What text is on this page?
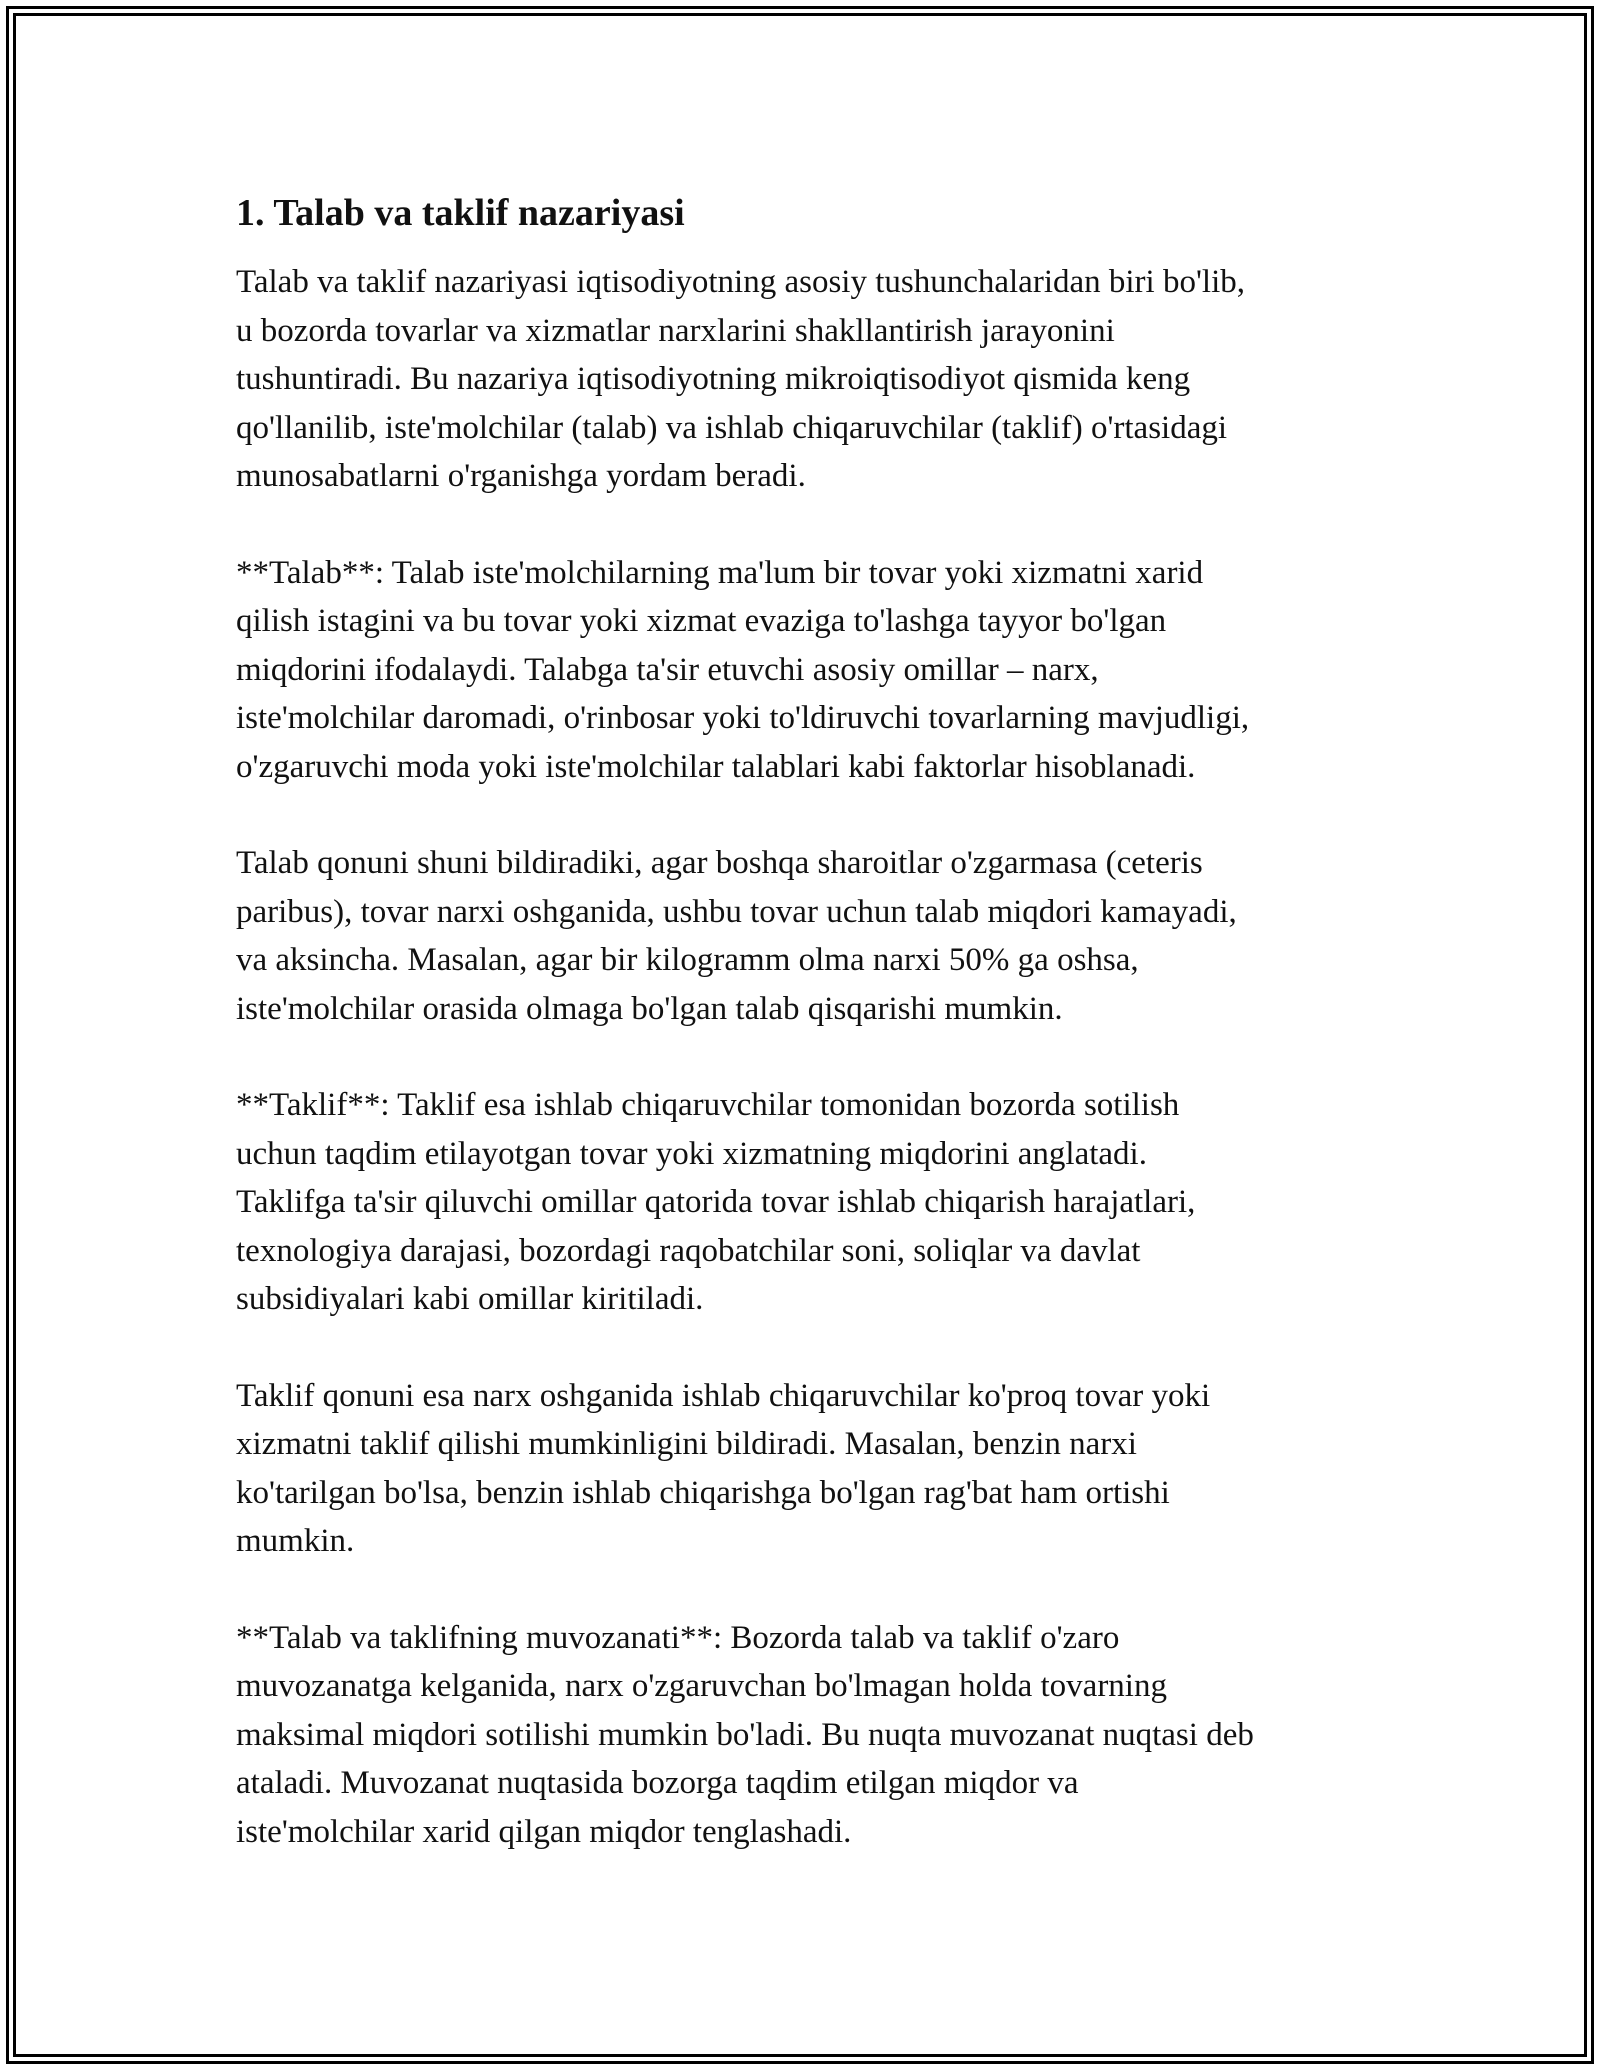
1. Talab va taklif nazariyasi

Talab va taklif nazariyasi iqtisodiyotning asosiy tushunchalaridan biri bo'lib,
u bozorda tovarlar va xizmatlar narxlarini shakllantirish jarayonini
tushuntiradi. Bu nazariya iqtisodiyotning mikroiqtisodiyot qismida keng
qo'llanilib, iste'molchilar (talab) va ishlab chiqaruvchilar (taklif) o'rtasidagi
munosabatlarni o'rganishga yordam beradi.

**Talab**: Talab iste'molchilarning ma'lum bir tovar yoki xizmatni xarid
qilish istagini va bu tovar yoki xizmat evaziga to'lashga tayyor bo'lgan
miqdorini ifodalaydi. Talabga ta'sir etuvchi asosiy omillar – narx,
iste'molchilar daromadi, o'rinbosar yoki to'ldiruvchi tovarlarning mavjudligi,
o'zgaruvchi moda yoki iste'molchilar talablari kabi faktorlar hisoblanadi.

Talab qonuni shuni bildiradiki, agar boshqa sharoitlar o'zgarmasa (ceteris
paribus), tovar narxi oshganida, ushbu tovar uchun talab miqdori kamayadi,
va aksincha. Masalan, agar bir kilogramm olma narxi 50% ga oshsa,
iste'molchilar orasida olmaga bo'lgan talab qisqarishi mumkin.

**Taklif**: Taklif esa ishlab chiqaruvchilar tomonidan bozorda sotilish
uchun taqdim etilayotgan tovar yoki xizmatning miqdorini anglatadi.
Taklifga ta'sir qiluvchi omillar qatorida tovar ishlab chiqarish harajatlari,
texnologiya darajasi, bozordagi raqobatchilar soni, soliqlar va davlat
subsidiyalari kabi omillar kiritiladi.

Taklif qonuni esa narx oshganida ishlab chiqaruvchilar ko'proq tovar yoki
xizmatni taklif qilishi mumkinligini bildiradi. Masalan, benzin narxi
ko'tarilgan bo'lsa, benzin ishlab chiqarishga bo'lgan rag'bat ham ortishi
mumkin.

**Talab va taklifning muvozanati**: Bozorda talab va taklif o'zaro
muvozanatga kelganida, narx o'zgaruvchan bo'lmagan holda tovarning
maksimal miqdori sotilishi mumkin bo'ladi. Bu nuqta muvozanat nuqtasi deb
ataladi. Muvozanat nuqtasida bozorga taqdim etilgan miqdor va
iste'molchilar xarid qilgan miqdor tenglashadi.
